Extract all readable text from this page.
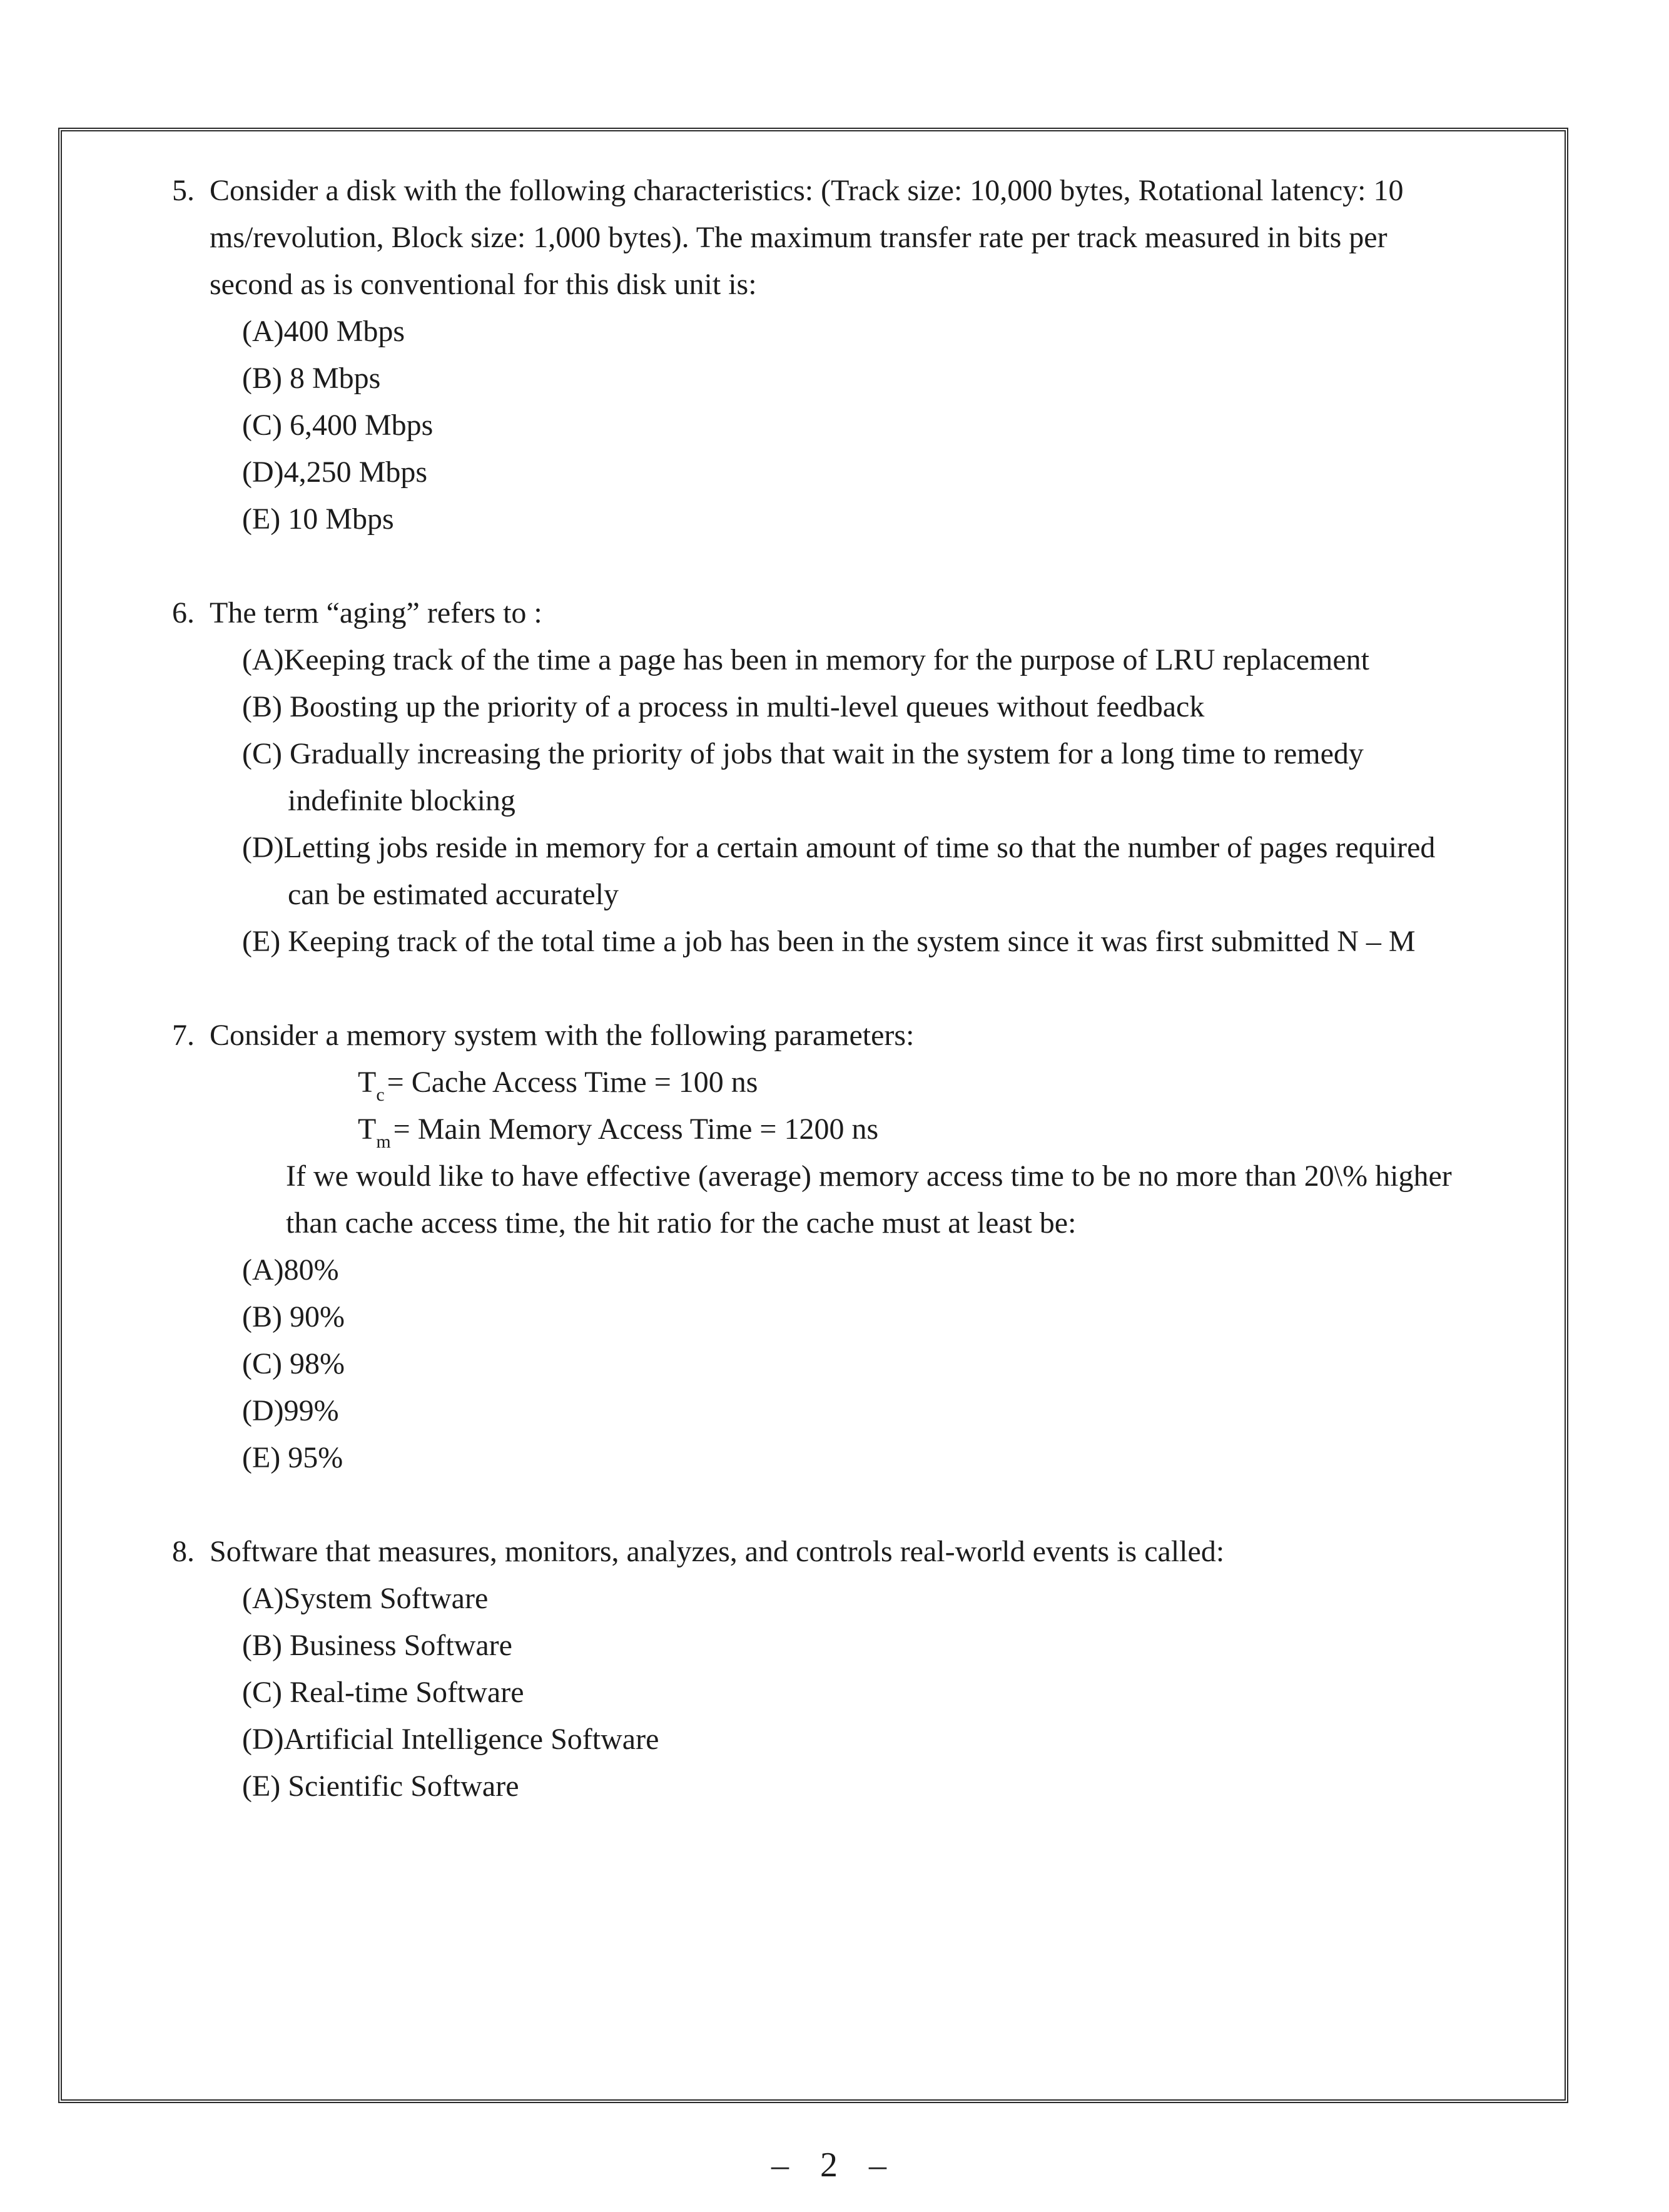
5. Consider a disk with the following characteristics: (Track size: 10,000 bytes, Rotational latency: 10
ms/revolution, Block size: 1,000 bytes). The maximum transfer rate per track measured in bits per
second as is conventional for this disk unit is:
(A)400 Mbps
(B) 8 Mbps
(C) 6,400 Mbps
(D)4,250 Mbps
(E) 10 Mbps
6. The term “aging” refers to :
(A)Keeping track of the time a page has been in memory for the purpose of LRU replacement
(B) Boosting up the priority of a process in multi-level queues without feedback
(C) Gradually increasing the priority of jobs that wait in the system for a long time to remedy
indefinite blocking
(D)Letting jobs reside in memory for a certain amount of time so that the number of pages required
can be estimated accurately
(E) Keeping track of the total time a job has been in the system since it was first submitted N – M
7. Consider a memory system with the following parameters:
$T_c=$ Cache Access Time = 100 ns
$T_m=$ Main Memory Access Time = 1200 ns
If we would like to have effective (average) memory access time to be no more than 20\% higher
than cache access time, the hit ratio for the cache must at least be:
(A)80%
(B) 90%
(C) 98%
(D)99%
(E) 95%
8. Software that measures, monitors, analyzes, and controls real-world events is called:
(A)System Software
(B) Business Software
(C) Real-time Software
(D)Artificial Intelligence Software
(E) Scientific Software
– 2 –
